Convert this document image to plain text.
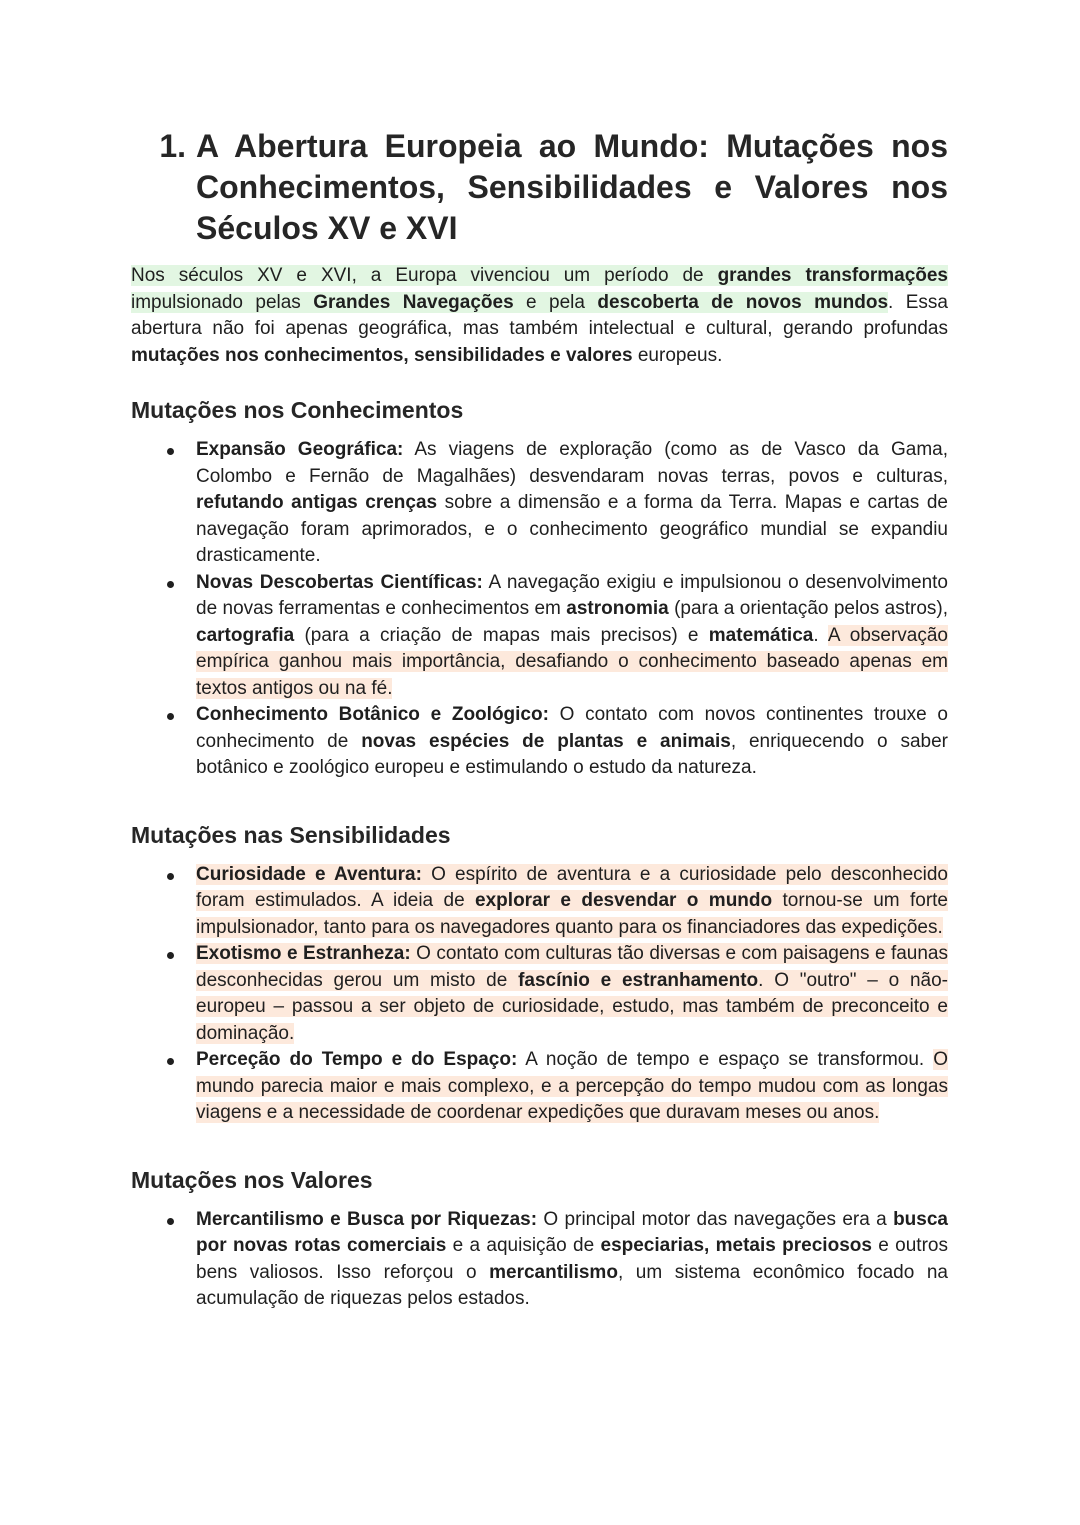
1. A Abertura Europeia ao Mundo: Mutações nos Conhecimentos, Sensibilidades e Valores nos Séculos XV e XVI

Nos séculos XV e XVI, a Europa vivenciou um período de grandes transformações impulsionado pelas Grandes Navegações e pela descoberta de novos mundos. Essa abertura não foi apenas geográfica, mas também intelectual e cultural, gerando profundas mutações nos conhecimentos, sensibilidades e valores europeus.

Mutações nos Conhecimentos
Expansão Geográfica: As viagens de exploração (como as de Vasco da Gama, Colombo e Fernão de Magalhães) desvendaram novas terras, povos e culturas, refutando antigas crenças sobre a dimensão e a forma da Terra. Mapas e cartas de navegação foram aprimorados, e o conhecimento geográfico mundial se expandiu drasticamente.
Novas Descobertas Científicas: A navegação exigiu e impulsionou o desenvolvimento de novas ferramentas e conhecimentos em astronomia (para a orientação pelos astros), cartografia (para a criação de mapas mais precisos) e matemática. A observação empírica ganhou mais importância, desafiando o conhecimento baseado apenas em textos antigos ou na fé.
Conhecimento Botânico e Zoológico: O contato com novos continentes trouxe o conhecimento de novas espécies de plantas e animais, enriquecendo o saber botânico e zoológico europeu e estimulando o estudo da natureza.
Mutações nas Sensibilidades
Curiosidade e Aventura: O espírito de aventura e a curiosidade pelo desconhecido foram estimulados. A ideia de explorar e desvendar o mundo tornou-se um forte impulsionador, tanto para os navegadores quanto para os financiadores das expedições.
Exotismo e Estranheza: O contato com culturas tão diversas e com paisagens e faunas desconhecidas gerou um misto de fascínio e estranhamento. O "outro" – o não-europeu – passou a ser objeto de curiosidade, estudo, mas também de preconceito e dominação.
Perceção do Tempo e do Espaço: A noção de tempo e espaço se transformou. O mundo parecia maior e mais complexo, e a percepção do tempo mudou com as longas viagens e a necessidade de coordenar expedições que duravam meses ou anos.
Mutações nos Valores
Mercantilismo e Busca por Riquezas: O principal motor das navegações era a busca por novas rotas comerciais e a aquisição de especiarias, metais preciosos e outros bens valiosos. Isso reforçou o mercantilismo, um sistema econômico focado na acumulação de riquezas pelos estados.
